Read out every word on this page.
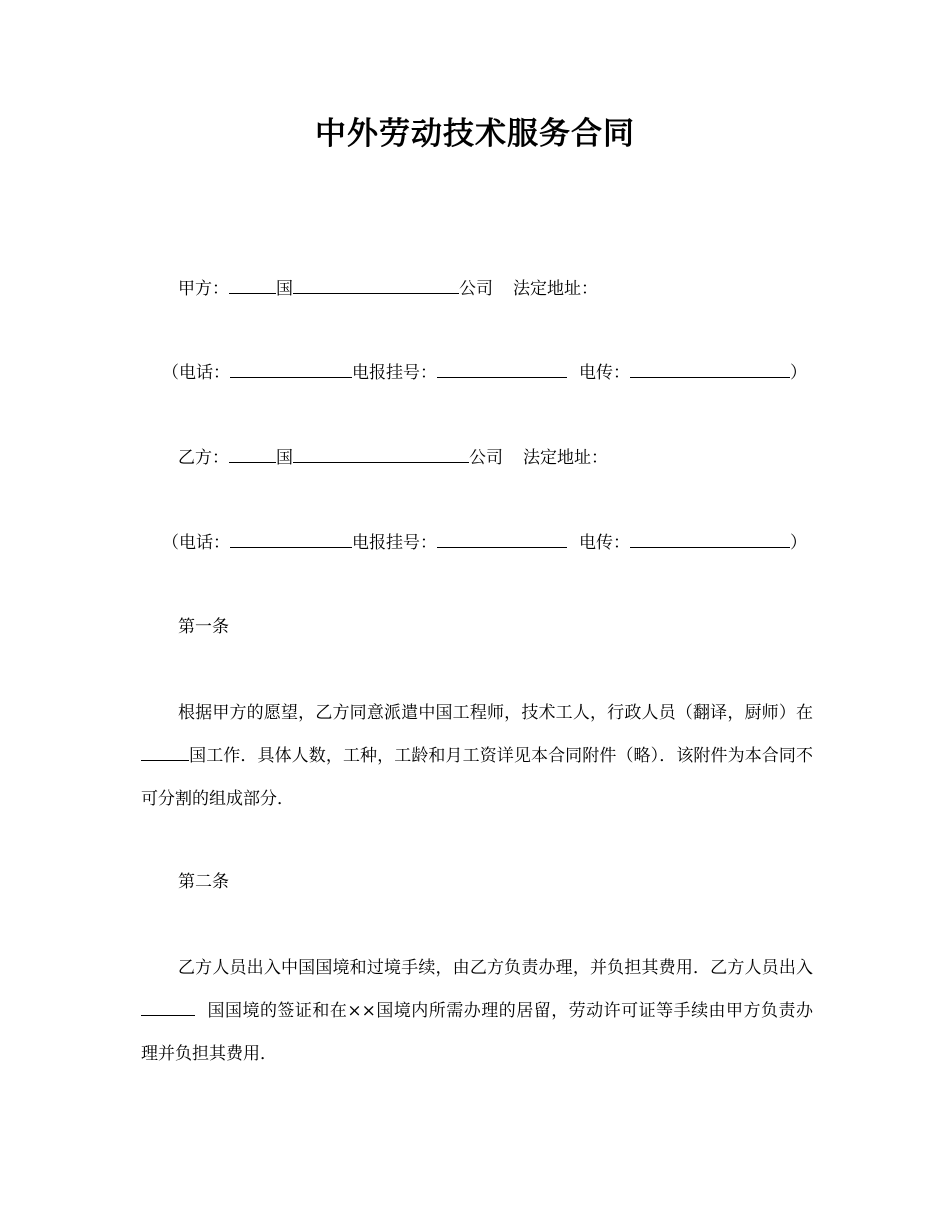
中外劳动技术服务合同
甲方：	国	公司 法定地址：
（电话：	电报挂号：	电传：	）
乙方：	国	公司 法定地址：
（电话：	电报挂号：	电传：	）
第一条
根据甲方的愿望，乙方同意派遣中国工程师，技术工人，行政人员（翻译，厨师）在国工作．具体人数，工种，工龄和月工资详见本合同附件（略）．该附件为本合同不可分割的组成部分．
第二条
乙方人员出入中国国境和过境手续，由乙方负责办理，并负担其费用．乙方人员出入国国境的签证和在××国境内所需办理的居留，劳动许可证等手续由甲方负责办理并负担其费用．
